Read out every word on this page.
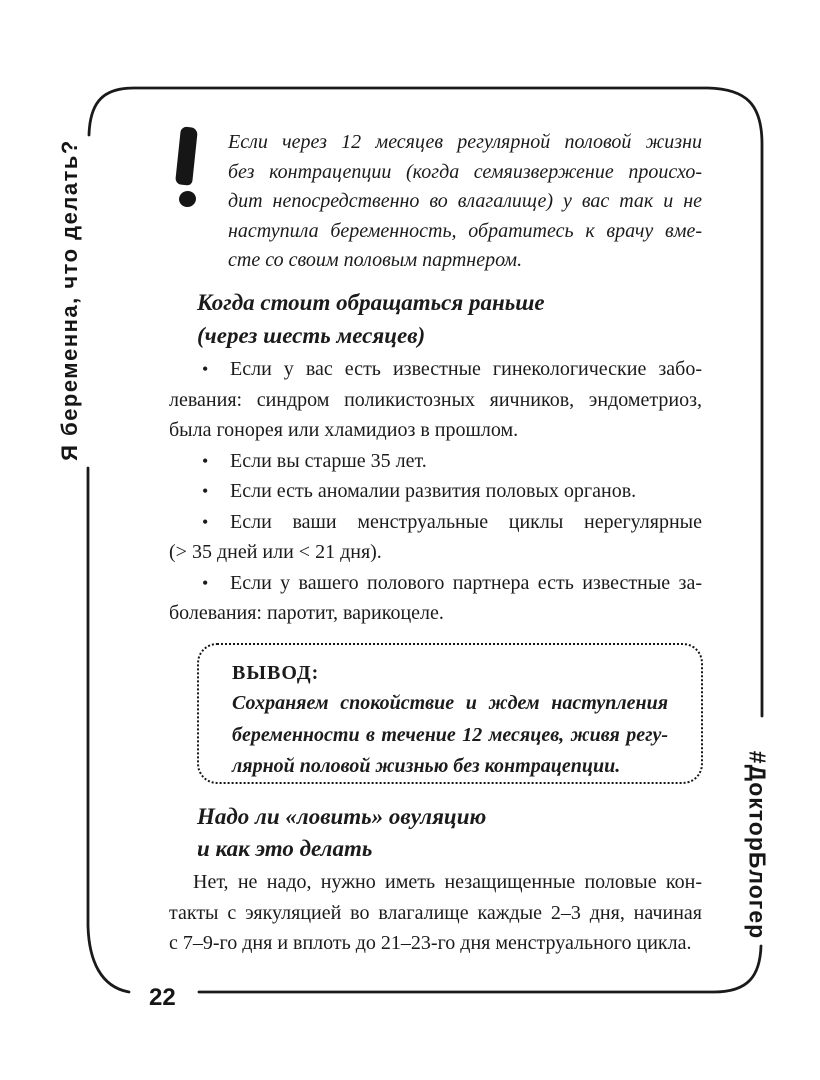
Я беременна, что делать?
#ДокторБлогер
Если через 12 месяцев регулярной половой жизни
без контрацепции (когда семяизвержение происхо-
дит непосредственно во влагалище) у вас так и не
наступила беременность, обратитесь к врачу вме-
сте со своим половым партнером.
Когда стоит обращаться раньше
(через шесть месяцев)
• Если у вас есть известные гинекологические забо-
левания: синдром поликистозных яичников, эндометриоз,
была гонорея или хламидиоз в прошлом.
• Если вы старше 35 лет.
• Если есть аномалии развития половых органов.
• Если ваши менструальные циклы нерегулярные
(> 35 дней или < 21 дня).
• Если у вашего полового партнера есть известные за-
болевания: паротит, варикоцеле.
ВЫВОД:
Сохраняем спокойствие и ждем наступления
беременности в течение 12 месяцев, живя регу-
лярной половой жизнью без контрацепции.
Надо ли «ловить» овуляцию
и как это делать
Нет, не надо, нужно иметь незащищенные половые кон-
такты с эякуляцией во влагалище каждые 2–3 дня, начиная
с 7–9-го дня и вплоть до 21–23-го дня менструального цикла.
22
